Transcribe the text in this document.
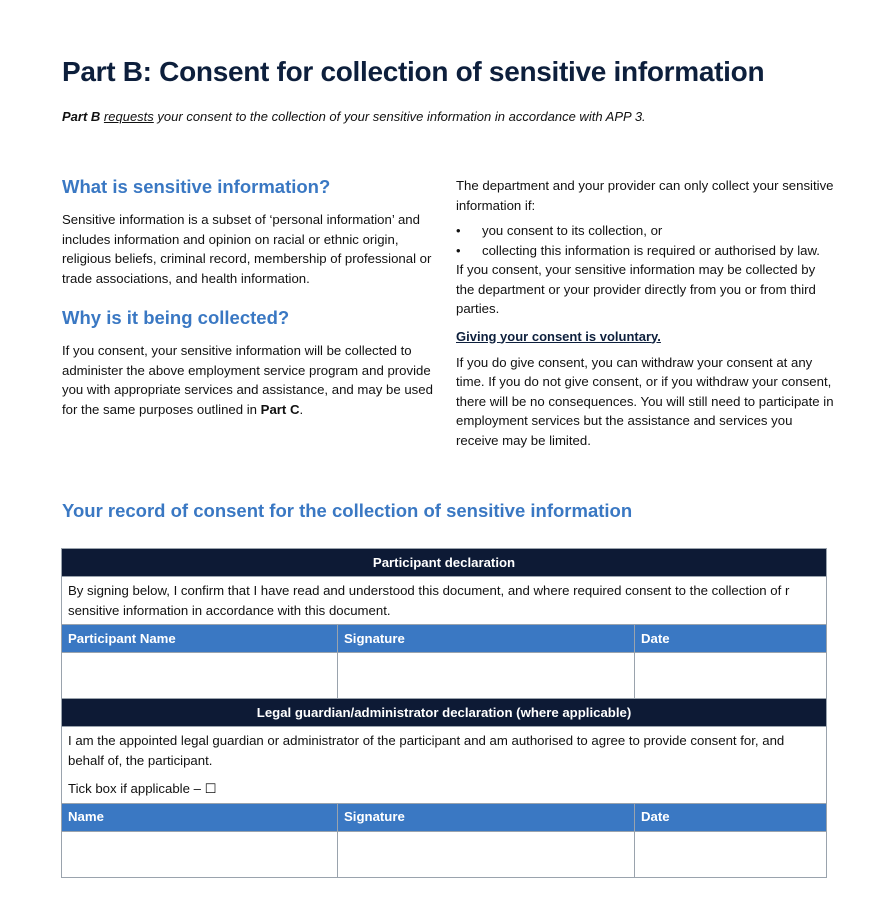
Part B: Consent for collection of sensitive information
Part B requests your consent to the collection of your sensitive information in accordance with APP 3.
What is sensitive information?

Sensitive information is a subset of ‘personal information’ and includes information and opinion on racial or ethnic origin, religious beliefs, criminal record, membership of professional or trade associations, and health information.

Why is it being collected?

If you consent, your sensitive information will be collected to administer the above employment service program and provide you with appropriate services and assistance, and may be used for the same purposes outlined in Part C.

The department and your provider can only collect your sensitive information if:

• you consent to its collection, or
• collecting this information is required or authorised by law.

If you consent, your sensitive information may be collected by the department or your provider directly from you or from third parties.

Giving your consent is voluntary.

If you do give consent, you can withdraw your consent at any time. If you do not give consent, or if you withdraw your consent, there will be no consequences. You will still need to participate in employment services but the assistance and services you receive may be limited.

Your record of consent for the collection of sensitive information
Participant declaration		

By signing below, I confirm that I have read and understood this document, and where required consent to the collection of r
sensitive information in accordance with this document.		

Participant Name	Signature	Date

Legal guardian/administrator declaration (where applicable)		

I am the appointed legal guardian or administrator of the participant and am authorised to agree to provide consent for, and
behalf of, the participant.
Tick box if applicable – ☐		

Name	Signature	Date
